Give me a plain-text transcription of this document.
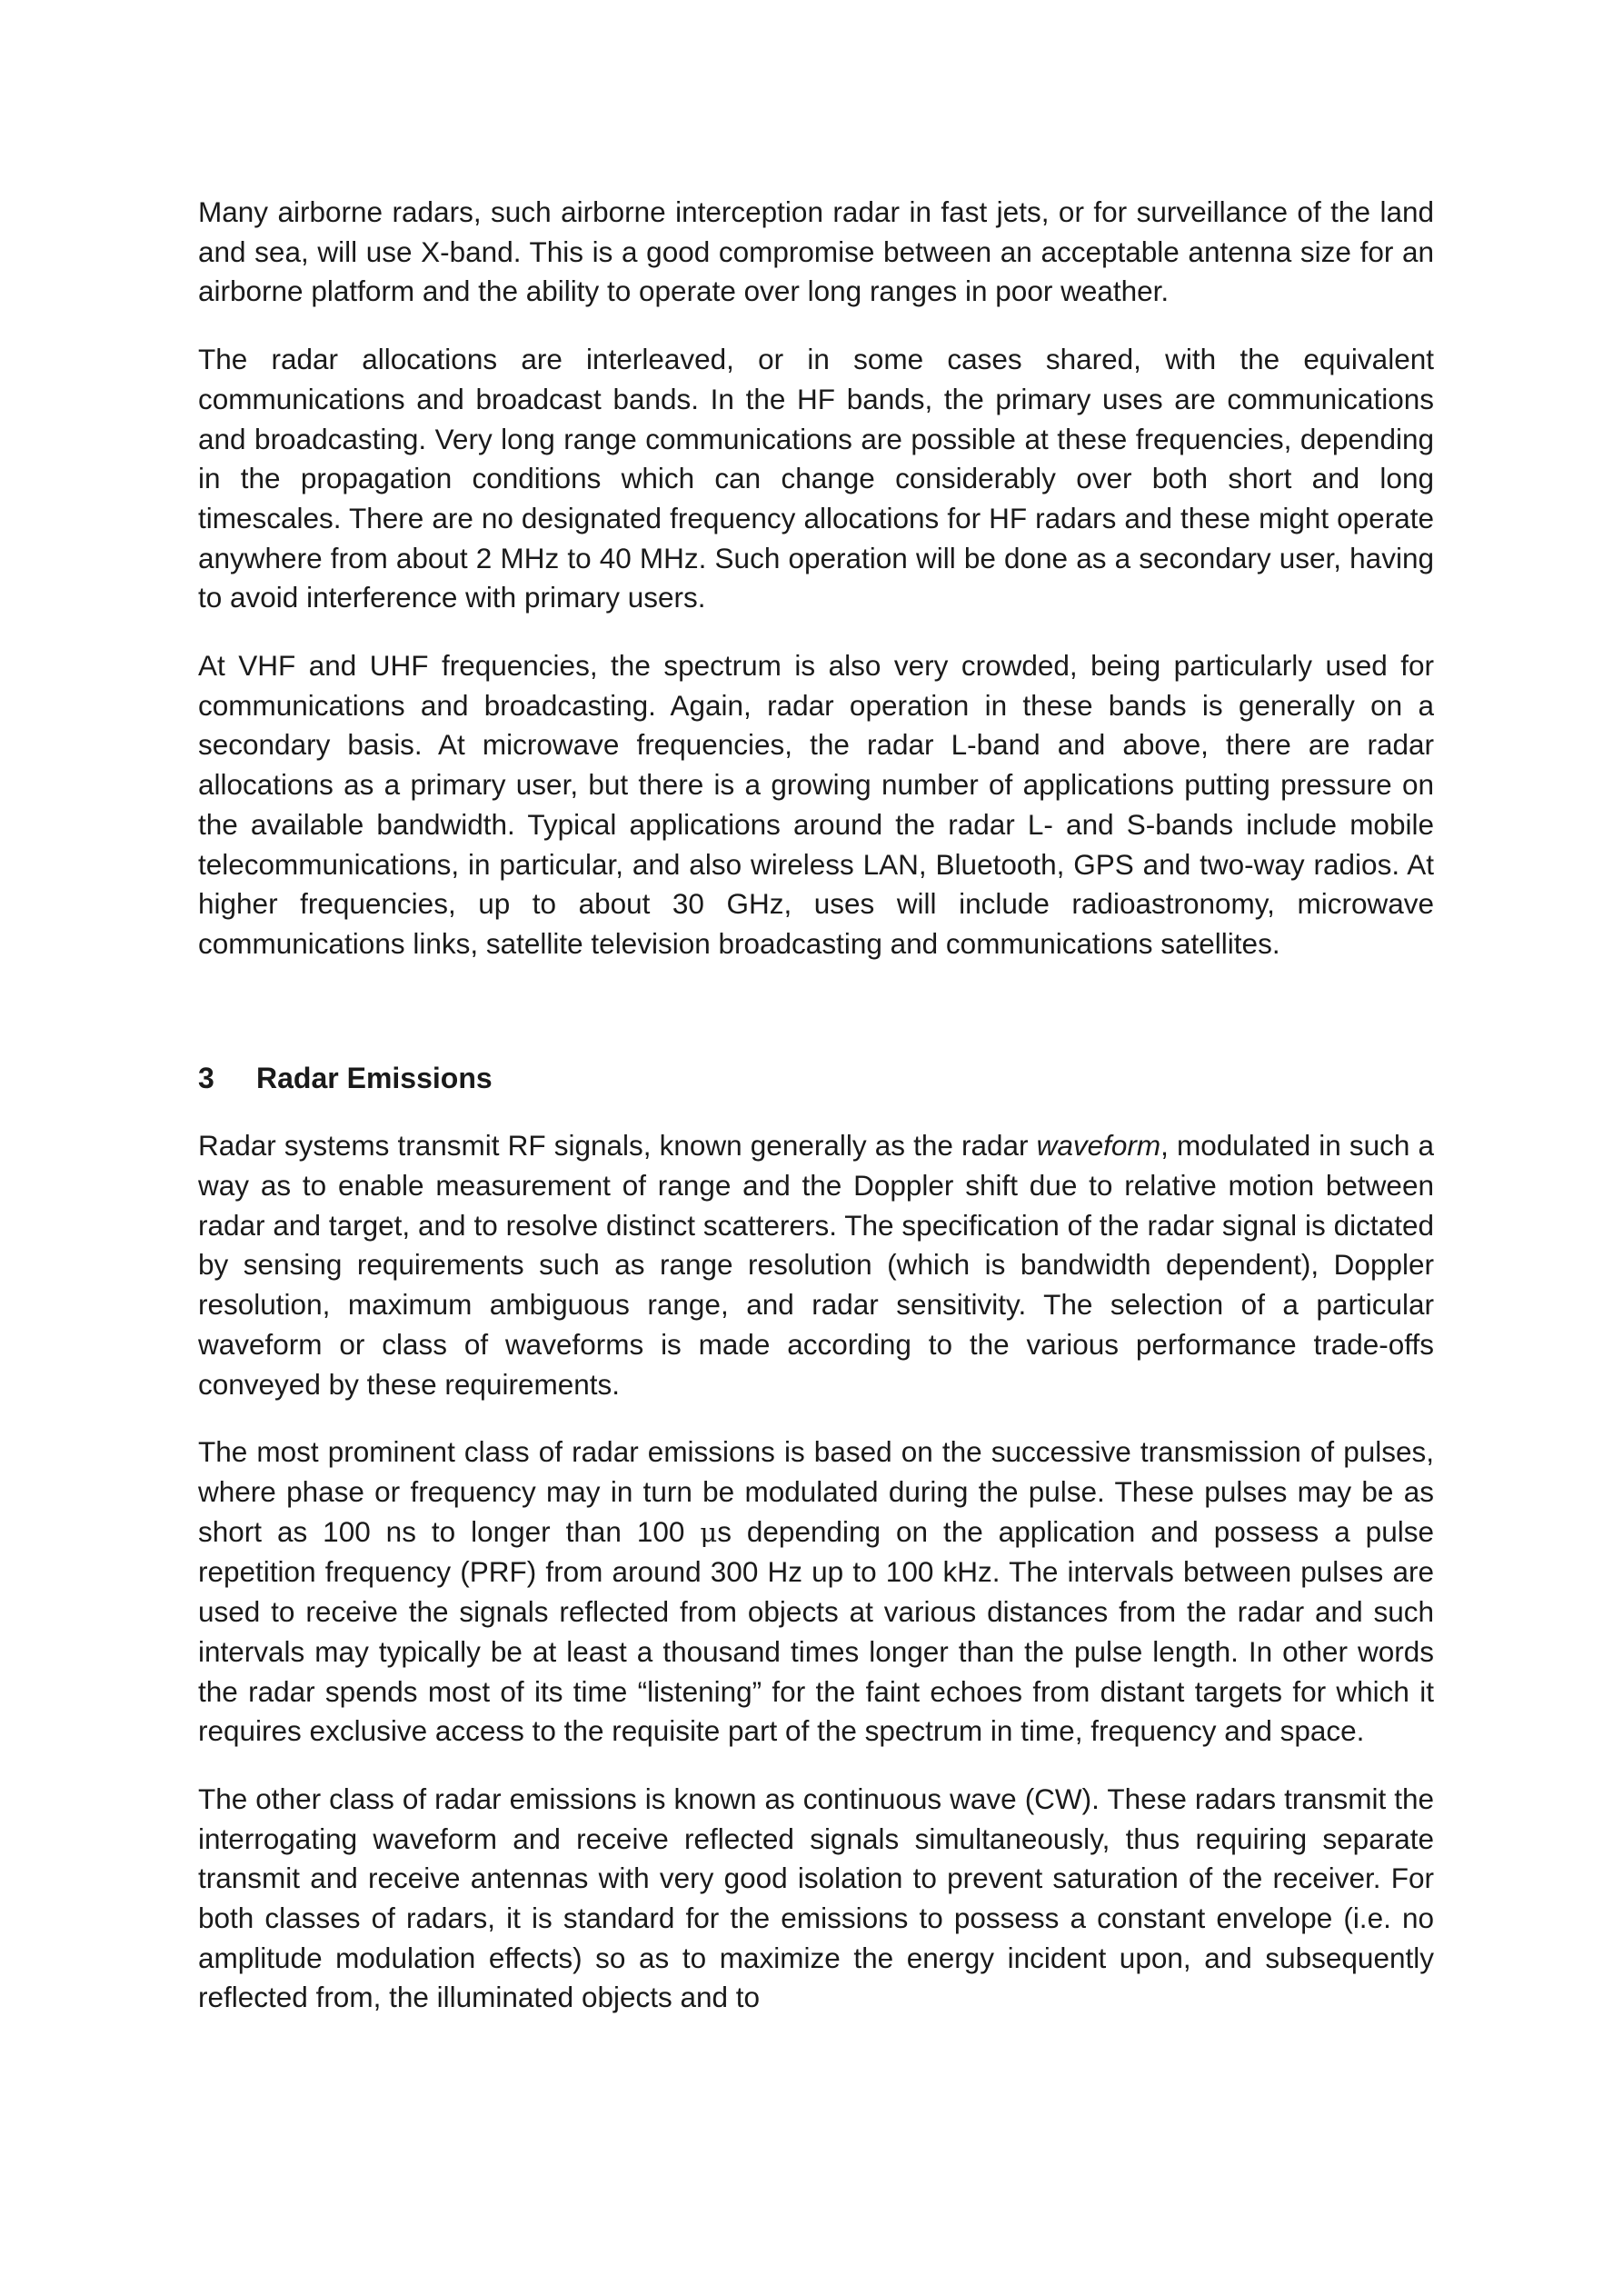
Many airborne radars, such airborne interception radar in fast jets, or for surveillance of the land and sea, will use X-band. This is a good compromise between an acceptable antenna size for an airborne platform and the ability to operate over long ranges in poor weather.

The radar allocations are interleaved, or in some cases shared, with the equivalent communications and broadcast bands. In the HF bands, the primary uses are communications and broadcasting. Very long range communications are possible at these frequencies, depending in the propagation conditions which can change considerably over both short and long timescales. There are no designated frequency allocations for HF radars and these might operate anywhere from about 2 MHz to 40 MHz. Such operation will be done as a secondary user, having to avoid interference with primary users.

At VHF and UHF frequencies, the spectrum is also very crowded, being particularly used for communications and broadcasting. Again, radar operation in these bands is generally on a secondary basis. At microwave frequencies, the radar L-band and above, there are radar allocations as a primary user, but there is a growing number of applications putting pressure on the available bandwidth. Typical applications around the radar L- and S-bands include mobile telecommunications, in particular, and also wireless LAN, Bluetooth, GPS and two-way radios. At higher frequencies, up to about 30 GHz, uses will include radioastronomy, microwave communications links, satellite television broadcasting and communications satellites.

3	Radar Emissions

Radar systems transmit RF signals, known generally as the radar waveform, modulated in such a way as to enable measurement of range and the Doppler shift due to relative motion between radar and target, and to resolve distinct scatterers. The specification of the radar signal is dictated by sensing requirements such as range resolution (which is bandwidth dependent), Doppler resolution, maximum ambiguous range, and radar sensitivity. The selection of a particular waveform or class of waveforms is made according to the various performance trade-offs conveyed by these requirements.

The most prominent class of radar emissions is based on the successive transmission of pulses, where phase or frequency may in turn be modulated during the pulse. These pulses may be as short as 100 ns to longer than 100 μs depending on the application and possess a pulse repetition frequency (PRF) from around 300 Hz up to 100 kHz. The intervals between pulses are used to receive the signals reflected from objects at various distances from the radar and such intervals may typically be at least a thousand times longer than the pulse length. In other words the radar spends most of its time “listening” for the faint echoes from distant targets for which it requires exclusive access to the requisite part of the spectrum in time, frequency and space.

The other class of radar emissions is known as continuous wave (CW). These radars transmit the interrogating waveform and receive reflected signals simultaneously, thus requiring separate transmit and receive antennas with very good isolation to prevent saturation of the receiver. For both classes of radars, it is standard for the emissions to possess a constant envelope (i.e. no amplitude modulation effects) so as to maximize the energy incident upon, and subsequently reflected from, the illuminated objects and to
